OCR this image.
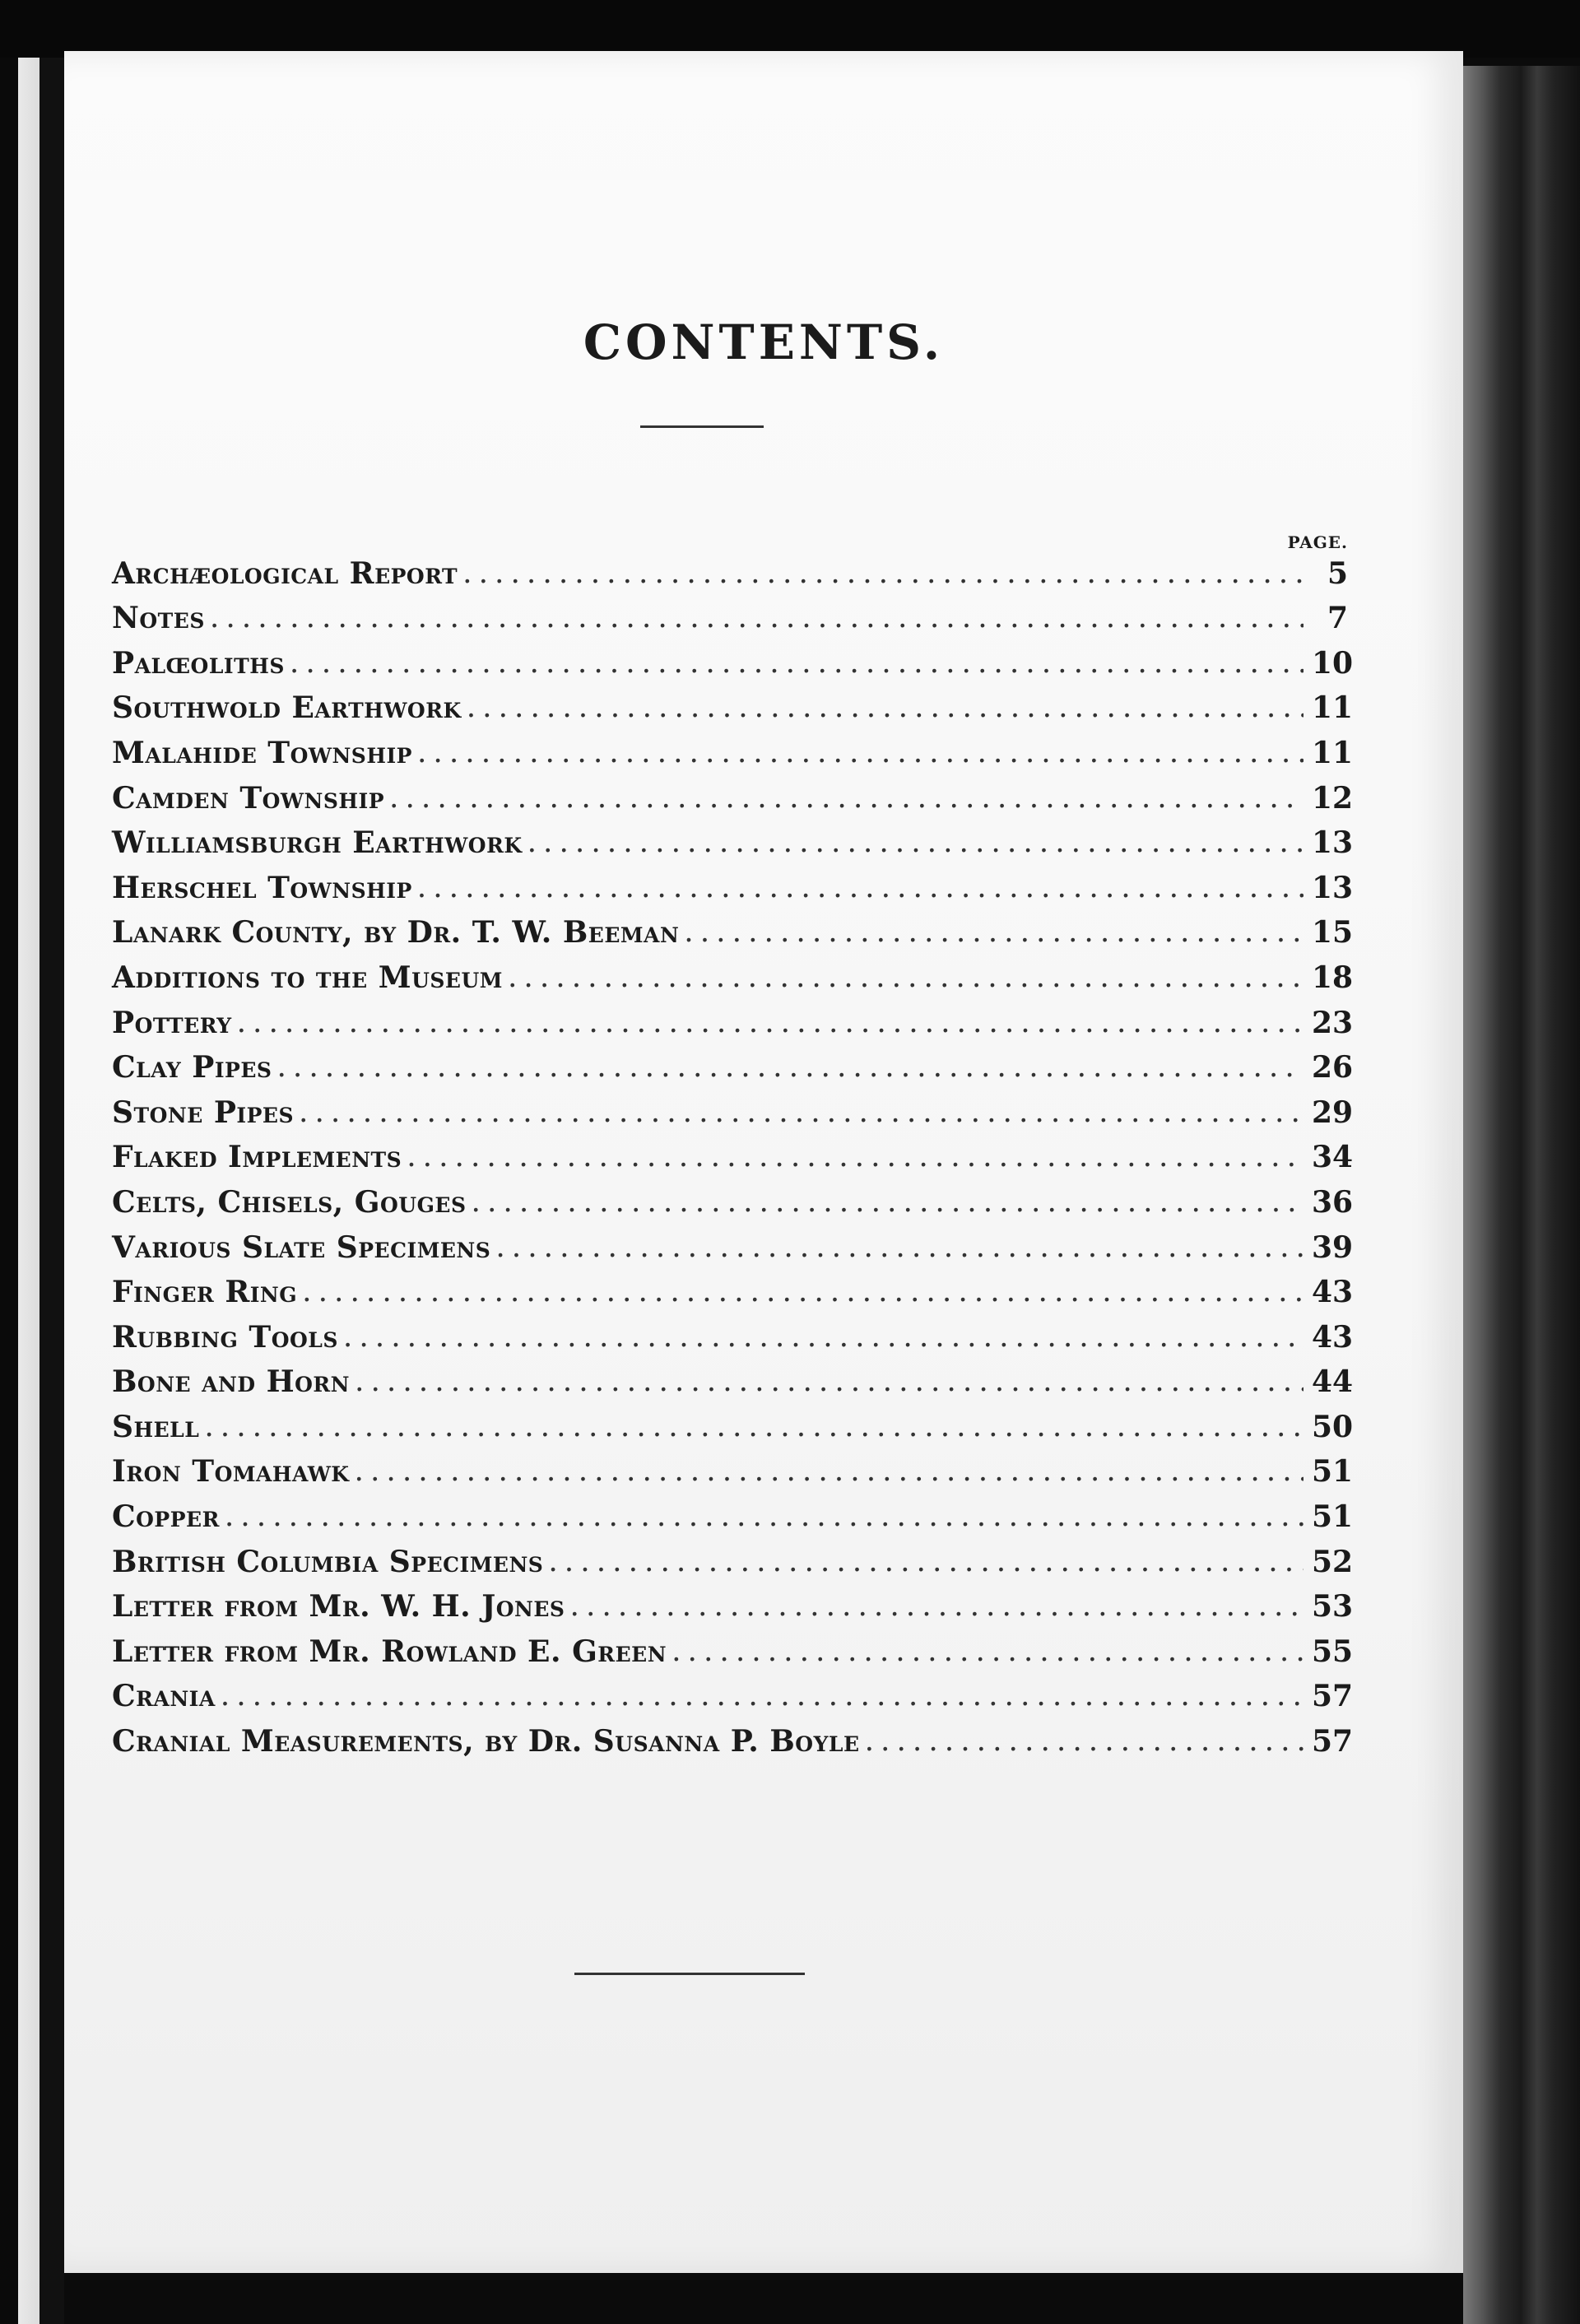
CONTENTS.
PAGE.
Archæological Report .....	5
Notes .....	7
Palœoliths .....	10
Southwold Earthwork .....	11
Malahide Township .....	11
Camden Township .....	12
Williamsburgh Earthwork .....	13
Herschel Township .....	13
Lanark County, by Dr. T. W. Beeman .....	15
Additions to the Museum .....	18
Pottery .....	23
Clay Pipes .....	26
Stone Pipes .....	29
Flaked Implements .....	34
Celts, Chisels, Gouges .....	36
Various Slate Specimens .....	39
Finger Ring .....	43
Rubbing Tools .....	43
Bone and Horn .....	44
Shell .....	50
Iron Tomahawk .....	51
Copper .....	51
British Columbia Specimens .....	52
Letter from Mr. W. H. Jones .....	53
Letter from Mr. Rowland E. Green .....	55
Crania .....	57
Cranial Measurements, by Dr. Susanna P. Boyle .....	57
